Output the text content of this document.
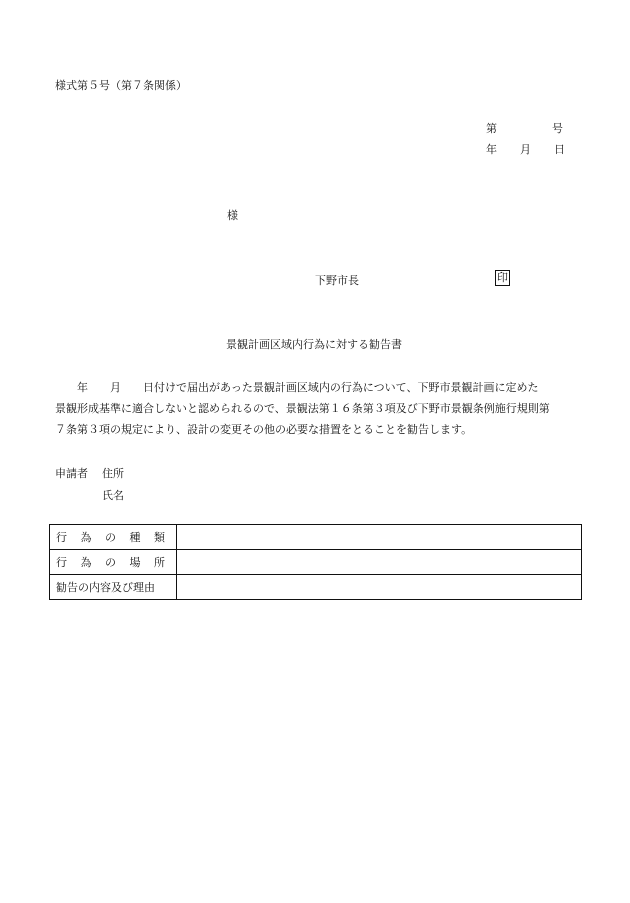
様式第５号（第７条関係）
第	号
年 月 日
様
下野市長	印
景観計画区域内行為に対する勧告書

　　年　　月　　日付けで届出があった景観計画区域内の行為について、下野市景観計画に定めた

景観形成基準に適合しないと認められるので、景観法第１６条第３項及び下野市景観条例施行規則第

７条第３項の規定により、設計の変更その他の必要な措置をとることを勧告します。

申請者 住所
氏名
行 為 の 種 類	
行 為 の 場 所	
勧告の内容及び理由	
